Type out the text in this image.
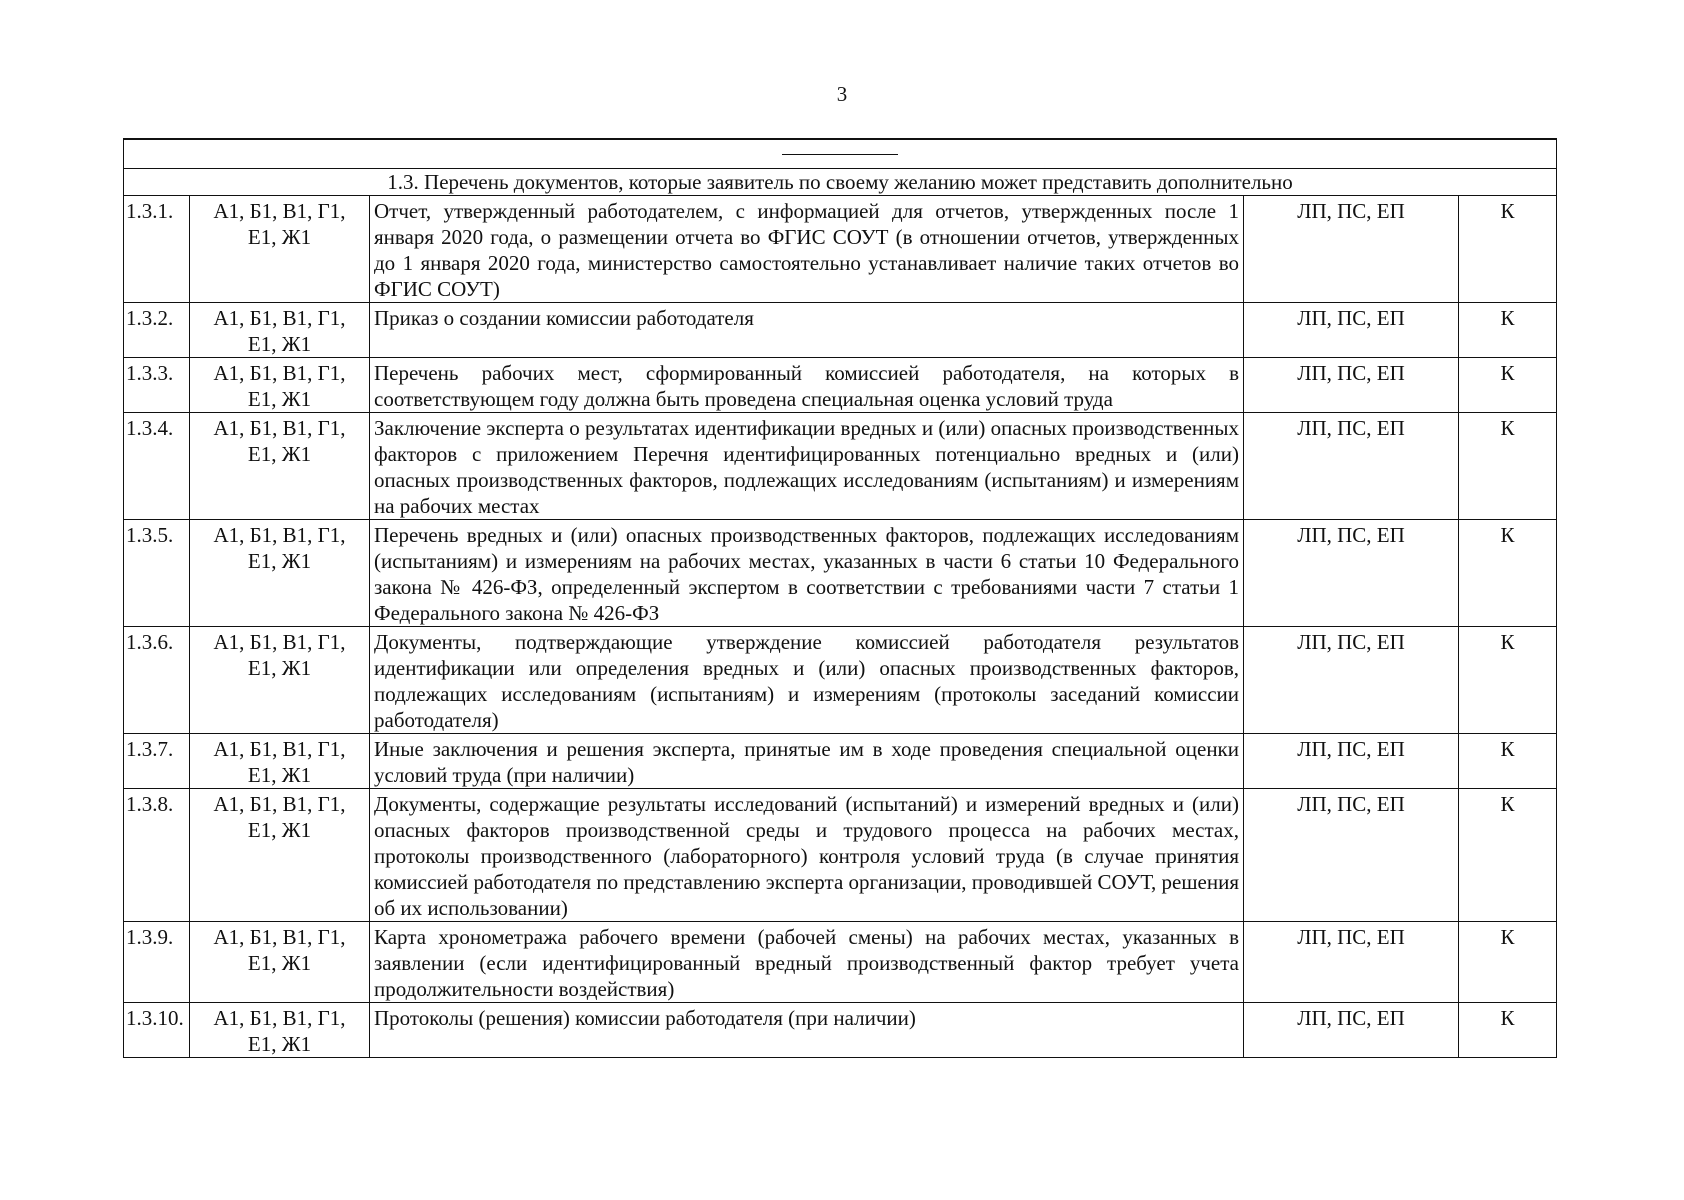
3

1.3. Перечень документов, которые заявитель по своему желанию может представить дополнительно				
1.3.1.	А1, Б1, В1, Г1,
Е1, Ж1	Отчет, утвержденный работодателем, с информацией для отчетов, утвержденных после 1 января 2020 года, о размещении отчета во ФГИС СОУТ (в отношении отчетов, утвержденных до 1 января 2020 года, министерство самостоятельно устанавливает наличие таких отчетов во ФГИС СОУТ)	ЛП, ПС, ЕП	К
1.3.2.	А1, Б1, В1, Г1,
Е1, Ж1	Приказ о создании комиссии работодателя	ЛП, ПС, ЕП	К
1.3.3.	А1, Б1, В1, Г1,
Е1, Ж1	Перечень рабочих мест, сформированный комиссией работодателя, на которых в соответствующем году должна быть проведена специальная оценка условий труда	ЛП, ПС, ЕП	К
1.3.4.	А1, Б1, В1, Г1,
Е1, Ж1	Заключение эксперта о результатах идентификации вредных и (или) опасных производственных факторов с приложением Перечня идентифицированных потенциально вредных и (или) опасных производственных факторов, подлежащих исследованиям (испытаниям) и измерениям на рабочих местах	ЛП, ПС, ЕП	К
1.3.5.	А1, Б1, В1, Г1,
Е1, Ж1	Перечень вредных и (или) опасных производственных факторов, подлежащих исследованиям (испытаниям) и измерениям на рабочих местах, указанных в части 6 статьи 10 Федерального закона № 426-ФЗ, определенный экспертом в соответствии с требованиями части 7 статьи 1 Федерального закона № 426-ФЗ	ЛП, ПС, ЕП	К
1.3.6.	А1, Б1, В1, Г1,
Е1, Ж1	Документы, подтверждающие утверждение комиссией работодателя результатов идентификации или определения вредных и (или) опасных производственных факторов, подлежащих исследованиям (испытаниям) и измерениям (протоколы заседаний комиссии работодателя)	ЛП, ПС, ЕП	К
1.3.7.	А1, Б1, В1, Г1,
Е1, Ж1	Иные заключения и решения эксперта, принятые им в ходе проведения специальной оценки условий труда (при наличии)	ЛП, ПС, ЕП	К
1.3.8.	А1, Б1, В1, Г1,
Е1, Ж1	Документы, содержащие результаты исследований (испытаний) и измерений вредных и (или) опасных факторов производственной среды и трудового процесса на рабочих местах, протоколы производственного (лабораторного) контроля условий труда (в случае принятия комиссией работодателя по представлению эксперта организации, проводившей СОУТ, решения об их использовании)	ЛП, ПС, ЕП	К
1.3.9.	А1, Б1, В1, Г1,
Е1, Ж1	Карта хронометража рабочего времени (рабочей смены) на рабочих местах, указанных в заявлении (если идентифицированный вредный производственный фактор требует учета продолжительности воздействия)	ЛП, ПС, ЕП	К
1.3.10.	А1, Б1, В1, Г1,
Е1, Ж1	Протоколы (решения) комиссии работодателя (при наличии)	ЛП, ПС, ЕП	К
